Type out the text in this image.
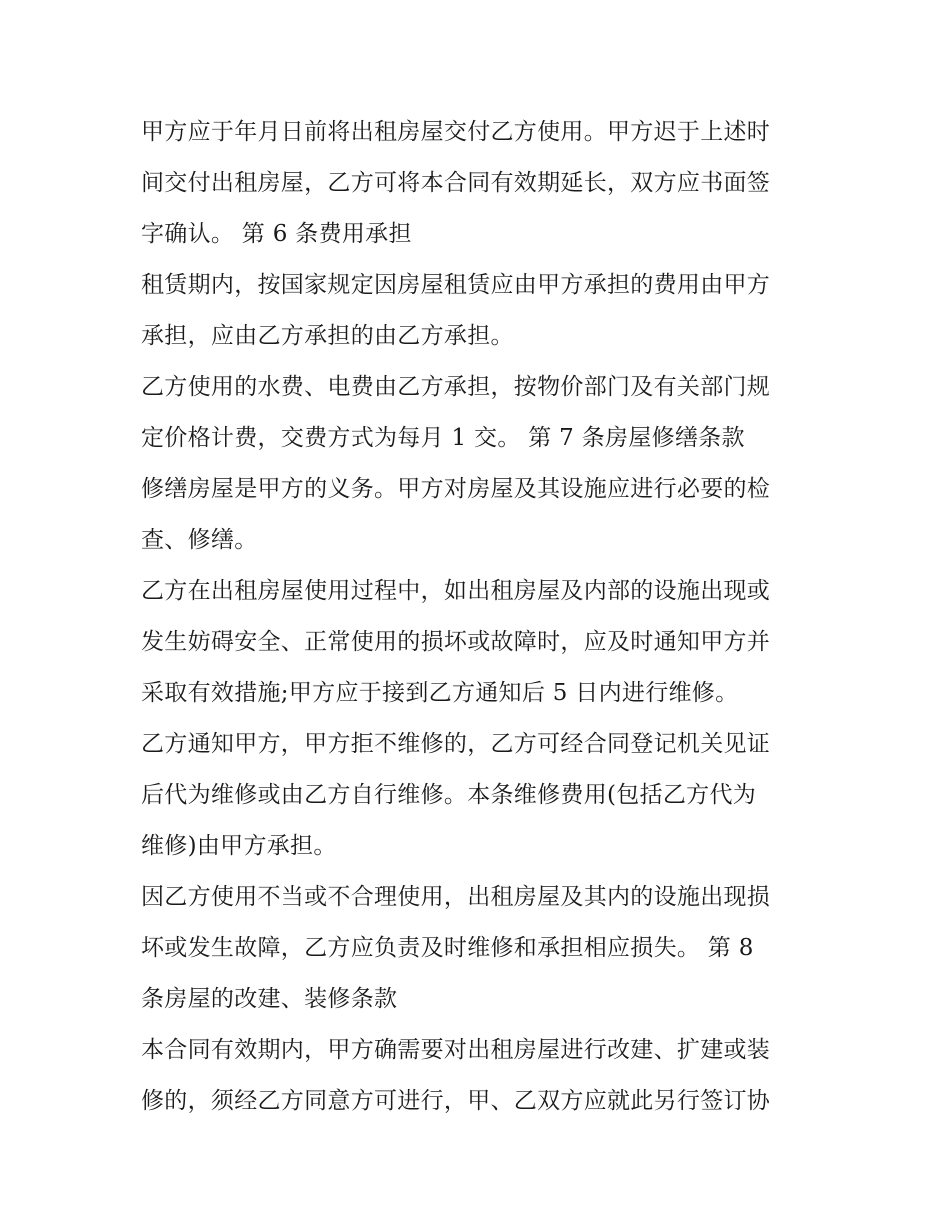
甲方应于年月日前将出租房屋交付乙方使用。甲方迟于上述时
间交付出租房屋，乙方可将本合同有效期延长，双方应书面签
字确认。 第 6 条费用承担
租赁期内，按国家规定因房屋租赁应由甲方承担的费用由甲方
承担，应由乙方承担的由乙方承担。
乙方使用的水费、电费由乙方承担，按物价部门及有关部门规
定价格计费，交费方式为每月 1 交。 第 7 条房屋修缮条款
修缮房屋是甲方的义务。甲方对房屋及其设施应进行必要的检
查、修缮。
乙方在出租房屋使用过程中，如出租房屋及内部的设施出现或
发生妨碍安全、正常使用的损坏或故障时，应及时通知甲方并
采取有效措施;甲方应于接到乙方通知后 5 日内进行维修。
乙方通知甲方，甲方拒不维修的，乙方可经合同登记机关见证
后代为维修或由乙方自行维修。本条维修费用(包括乙方代为
维修)由甲方承担。
因乙方使用不当或不合理使用，出租房屋及其内的设施出现损
坏或发生故障，乙方应负责及时维修和承担相应损失。 第 8
条房屋的改建、装修条款
本合同有效期内，甲方确需要对出租房屋进行改建、扩建或装
修的，须经乙方同意方可进行，甲、乙双方应就此另行签订协
